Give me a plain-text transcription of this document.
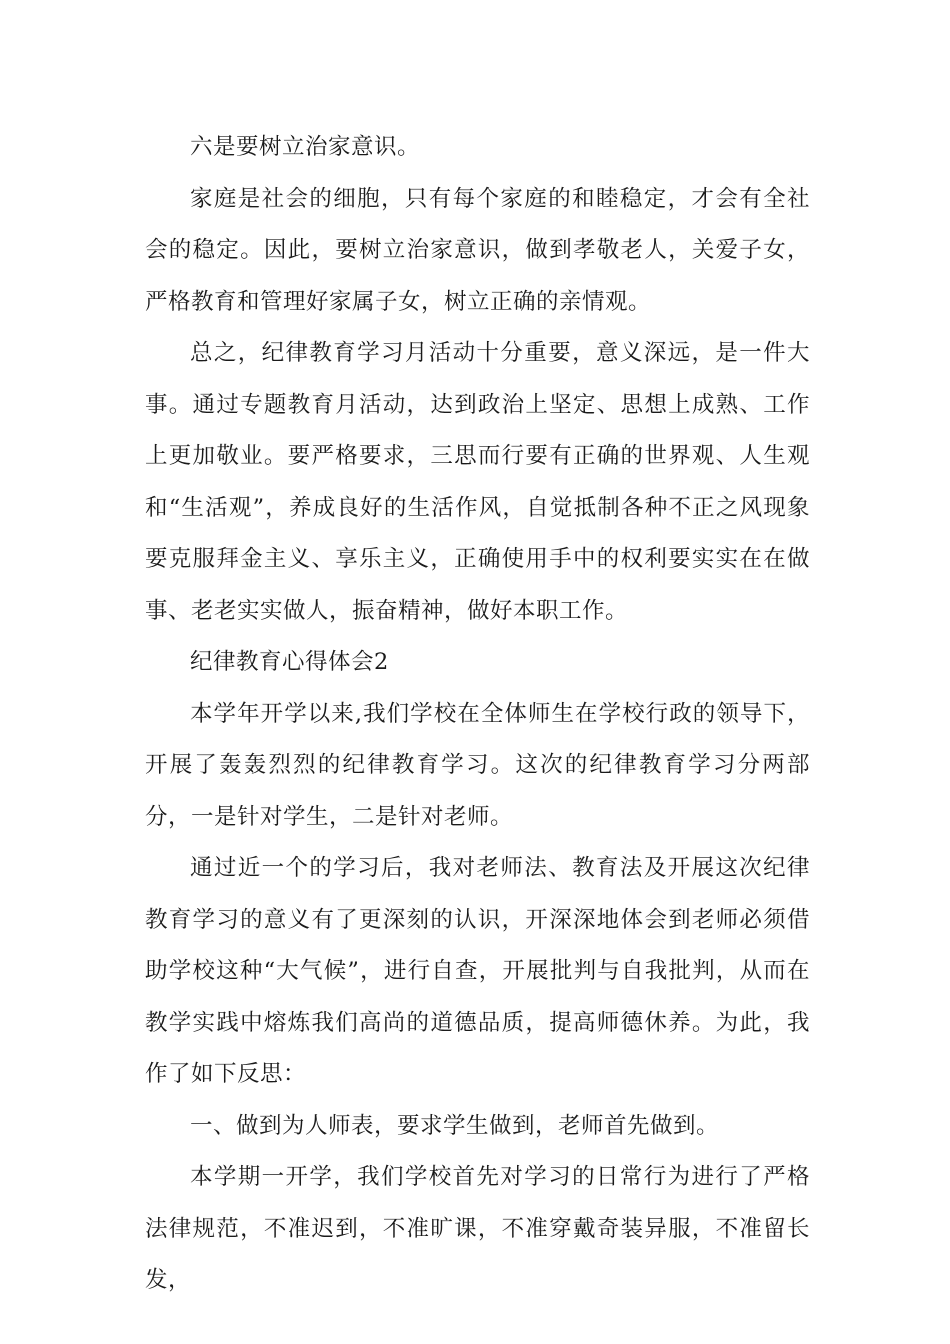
六是要树立治家意识。

家庭是社会的细胞，只有每个家庭的和睦稳定，才会有全社会的稳定。因此，要树立治家意识，做到孝敬老人，关爱子女，严格教育和管理好家属子女，树立正确的亲情观。

总之，纪律教育学习月活动十分重要，意义深远，是一件大事。通过专题教育月活动，达到政治上坚定、思想上成熟、工作上更加敬业。要严格要求，三思而行要有正确的世界观、人生观和“生活观”，养成良好的生活作风，自觉抵制各种不正之风现象要克服拜金主义、享乐主义，正确使用手中的权利要实实在在做事、老老实实做人，振奋精神，做好本职工作。

纪律教育心得体会2

本学年开学以来,我们学校在全体师生在学校行政的领导下，开展了轰轰烈烈的纪律教育学习。这次的纪律教育学习分两部分，一是针对学生，二是针对老师。

通过近一个的学习后，我对老师法、教育法及开展这次纪律教育学习的意义有了更深刻的认识，开深深地体会到老师必须借助学校这种“大气候”，进行自查，开展批判与自我批判，从而在教学实践中熔炼我们高尚的道德品质，提高师德休养。为此，我作了如下反思：

一、做到为人师表，要求学生做到，老师首先做到。

本学期一开学，我们学校首先对学习的日常行为进行了严格法律规范，不准迟到，不准旷课，不准穿戴奇装异服，不准留长发，
